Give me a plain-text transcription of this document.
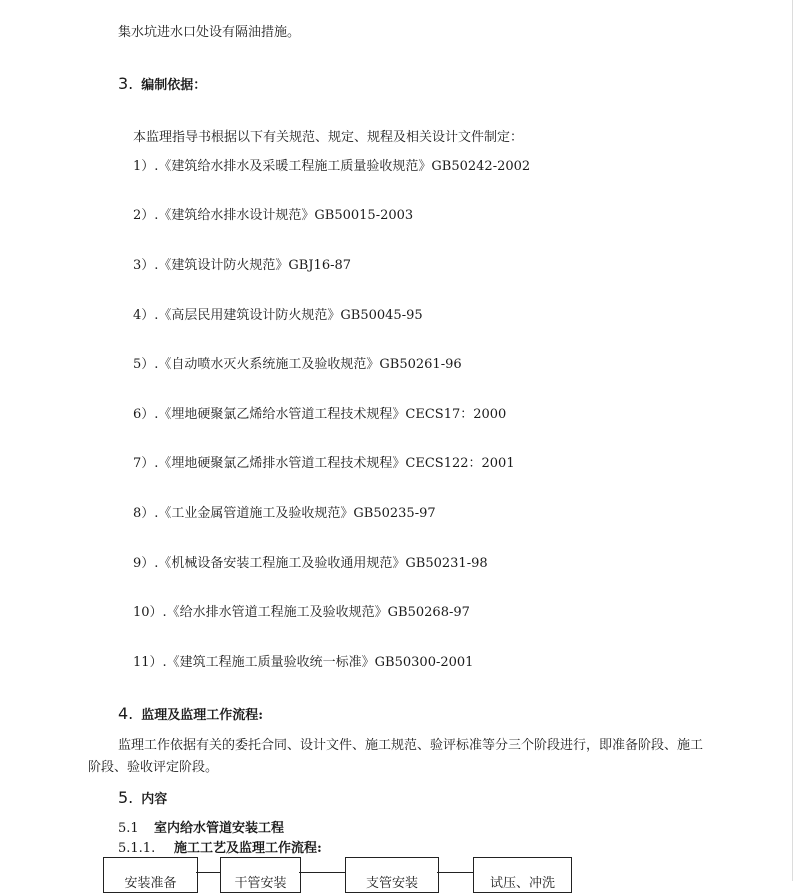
集水坑进水口处设有隔油措施。
3. 编制依据：
本监理指导书根据以下有关规范、规定、规程及相关设计文件制定：
1）.《建筑给水排水及采暖工程施工质量验收规范》GB50242-2002
2）.《建筑给水排水设计规范》GB50015-2003
3）.《建筑设计防火规范》GBJ16-87
4）.《高层民用建筑设计防火规范》GB50045-95
5）.《自动喷水灭火系统施工及验收规范》GB50261-96
6）.《埋地硬聚氯乙烯给水管道工程技术规程》CECS17：2000
7）.《埋地硬聚氯乙烯排水管道工程技术规程》CECS122：2001
8）.《工业金属管道施工及验收规范》GB50235-97
9）.《机械设备安装工程施工及验收通用规范》GB50231-98
10）.《给水排水管道工程施工及验收规范》GB50268-97
11）.《建筑工程施工质量验收统一标准》GB50300-2001
4. 监理及监理工作流程:
监理工作依据有关的委托合同、设计文件、施工规范、验评标准等分三个阶段进行，即准备阶段、施工阶段、验收评定阶段。
5. 内容
5.1 室内给水管道安装工程
5.1.1. 施工工艺及监理工作流程:
安装准备	干管安装	支管安装	试压、冲洗
